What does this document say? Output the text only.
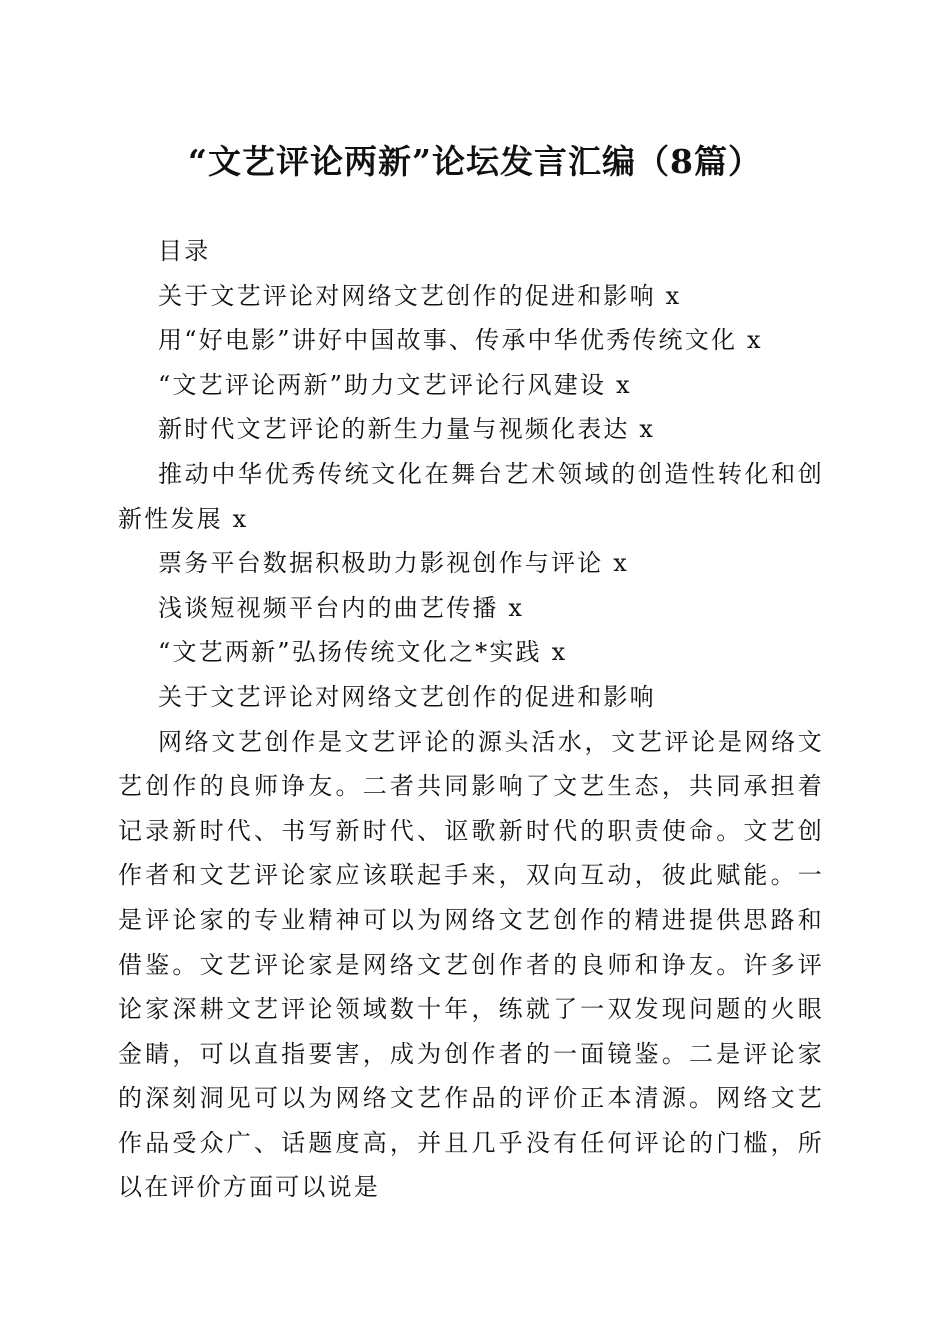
“文艺评论两新”论坛发言汇编（8篇）
目录
关于文艺评论对网络文艺创作的促进和影响 x
用“好电影”讲好中国故事、传承中华优秀传统文化 x
“文艺评论两新”助力文艺评论行风建设 x
新时代文艺评论的新生力量与视频化表达 x
推动中华优秀传统文化在舞台艺术领域的创造性转化和创新性发展 x
票务平台数据积极助力影视创作与评论 x
浅谈短视频平台内的曲艺传播 x
“文艺两新”弘扬传统文化之*实践 x
关于文艺评论对网络文艺创作的促进和影响
网络文艺创作是文艺评论的源头活水，文艺评论是网络文艺创作的良师诤友。二者共同影响了文艺生态，共同承担着记录新时代、书写新时代、讴歌新时代的职责使命。文艺创作者和文艺评论家应该联起手来，双向互动，彼此赋能。一是评论家的专业精神可以为网络文艺创作的精进提供思路和借鉴。文艺评论家是网络文艺创作者的良师和诤友。许多评论家深耕文艺评论领域数十年，练就了一双发现问题的火眼金睛，可以直指要害，成为创作者的一面镜鉴。二是评论家的深刻洞见可以为网络文艺作品的评价正本清源。网络文艺作品受众广、话题度高，并且几乎没有任何评论的门槛，所以在评价方面可以说是
